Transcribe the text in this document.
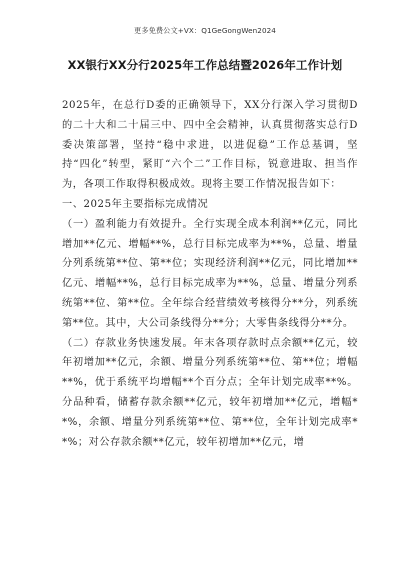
更多免费公文+VX：Q1GeGongWen2024
XX银行XX分行2025年工作总结暨2026年工作计划

2025年，在总行D委的正确领导下，XX分行深入学习贯彻D的二十大和二十届三中、四中全会精神，认真贯彻落实总行D委决策部署，坚持“稳中求进，以进促稳”工作总基调，坚持“四化”转型，紧盯“六个二”工作目标，锐意进取、担当作为，各项工作取得积极成效。现将主要工作情况报告如下：

一、2025年主要指标完成情况

（一）盈利能力有效提升。全行实现全成本利润**亿元，同比增加**亿元、增幅**%，总行目标完成率为**%，总量、增量分列系统第**位、第**位；实现经济利润**亿元，同比增加**亿元、增幅**%，总行目标完成率为**%，总量、增量分列系统第**位、第**位。全年综合经营绩效考核得分**分，列系统第**位。其中，大公司条线得分**分；大零售条线得分**分。

（二）存款业务快速发展。年末各项存款时点余额**亿元，较年初增加**亿元，余额、增量分列系统第**位、第**位；增幅**%，优于系统平均增幅**个百分点；全年计划完成率**%。分品种看，储蓄存款余额**亿元，较年初增加**亿元，增幅**%，余额、增量分列系统第**位、第**位，全年计划完成率**%；对公存款余额**亿元，较年初增加**亿元，增
